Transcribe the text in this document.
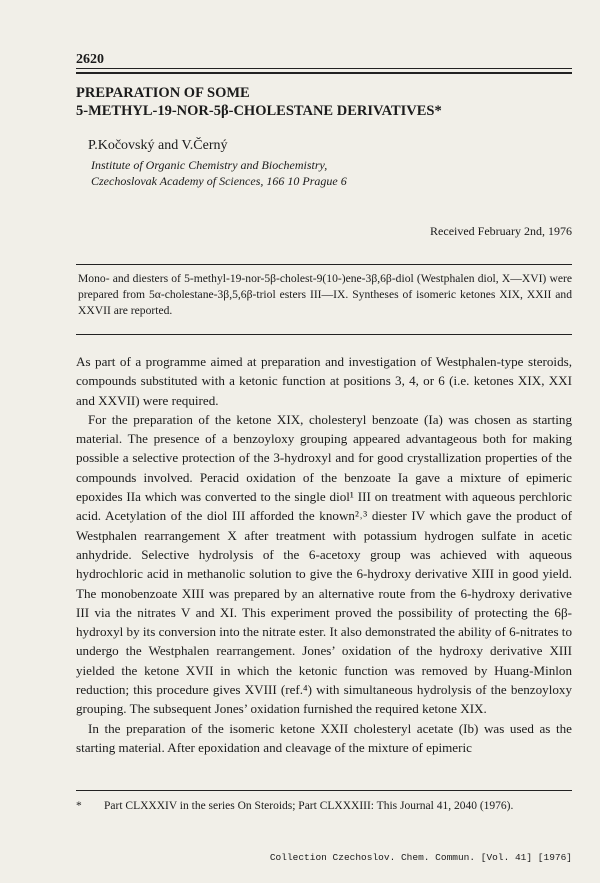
2620
PREPARATION OF SOME
5-METHYL-19-NOR-5β-CHOLESTANE DERIVATIVES*
P.Kočovský and V.Černý
Institute of Organic Chemistry and Biochemistry,
Czechoslovak Academy of Sciences, 166 10 Prague 6
Received February 2nd, 1976
Mono- and diesters of 5-methyl-19-nor-5β-cholest-9(10-)ene-3β,6β-diol (Westphalen diol, X—XVI) were prepared from 5α-cholestane-3β,5,6β-triol esters III—IX. Syntheses of isomeric ketones XIX, XXII and XXVII are reported.

As part of a programme aimed at preparation and investigation of Westphalen-type steroids, compounds substituted with a ketonic function at positions 3, 4, or 6 (i.e. ketones XIX, XXI and XXVII) were required.

For the preparation of the ketone XIX, cholesteryl benzoate (Ia) was chosen as starting material. The presence of a benzoyloxy grouping appeared advantageous both for making possible a selective protection of the 3-hydroxyl and for good crystallization properties of the compounds involved. Peracid oxidation of the benzoate Ia gave a mixture of epimeric epoxides IIa which was converted to the single diol¹ III on treatment with aqueous perchloric acid. Acetylation of the diol III afforded the known²˒³ diester IV which gave the product of Westphalen rearrangement X after treatment with potassium hydrogen sulfate in acetic anhydride. Selective hydrolysis of the 6-acetoxy group was achieved with aqueous hydrochloric acid in methanolic solution to give the 6-hydroxy derivative XIII in good yield. The monobenzoate XIII was prepared by an alternative route from the 6-hydroxy derivative III via the nitrates V and XI. This experiment proved the possibility of protecting the 6β-hydroxyl by its conversion into the nitrate ester. It also demonstrated the ability of 6-nitrates to undergo the Westphalen rearrangement. Jones’ oxidation of the hydroxy derivative XIII yielded the ketone XVII in which the ketonic function was removed by Huang-Minlon reduction; this procedure gives XVIII (ref.⁴) with simultaneous hydrolysis of the benzoyloxy grouping. The subsequent Jones’ oxidation furnished the required ketone XIX.

In the preparation of the isomeric ketone XXII cholesteryl acetate (Ib) was used as the starting material. After epoxidation and cleavage of the mixture of epimeric

* Part CLXXXIV in the series On Steroids; Part CLXXXIII: This Journal 41, 2040 (1976).
Collection Czechoslov. Chem. Commun. [Vol. 41] [1976]
